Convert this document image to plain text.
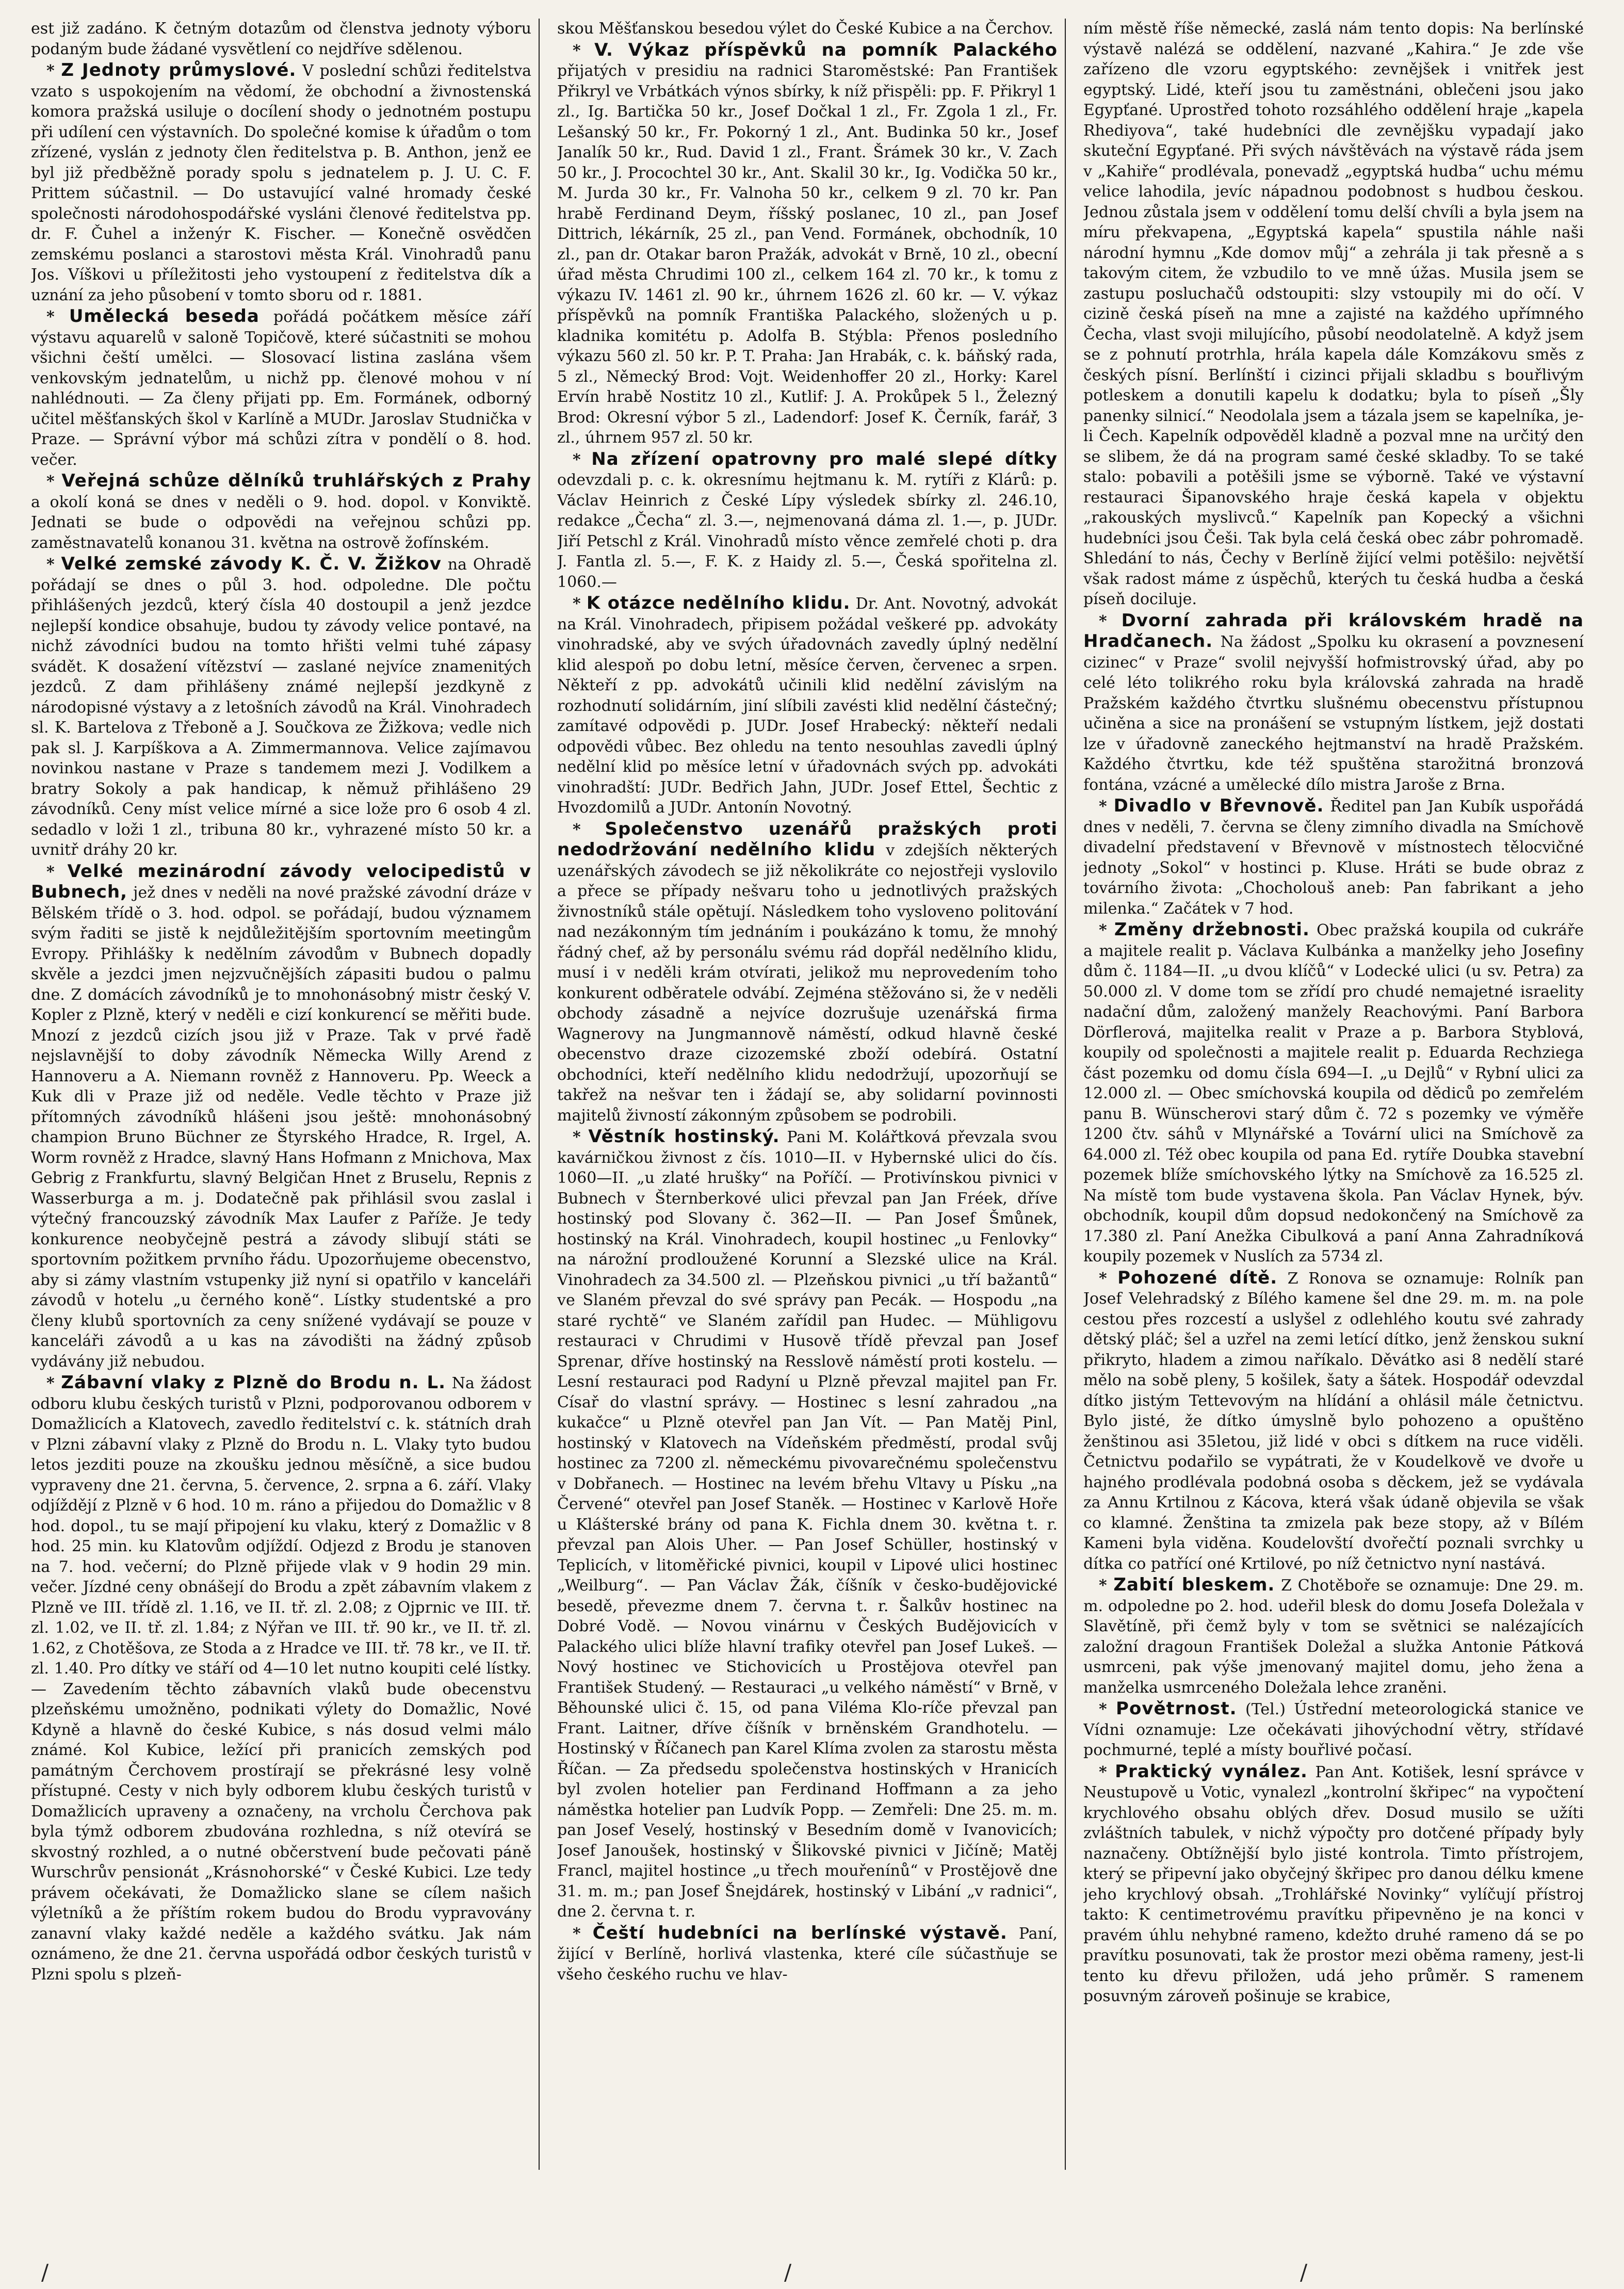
est již zadáno. K četným dotazům od členstva jednoty výboru podaným bude žádané vysvětlení co nejdříve sdělenou.

* Z Jednoty průmyslové. V poslední schůzi ředitelstva vzato s uspokojením na vědomí, že obchodní a živnostenská komora pražská usiluje o docílení shody o jednotném postupu při udílení cen výstavních. Do společné komise k úřadům o tom zřízené, vyslán z jednoty člen ředitelstva p. B. Anthon, jenž ee byl již předběžně porady spolu s jednatelem p. J. U. C. F. Prittem súčastnil. — Do ustavující valné hromady české společnosti národohospodářské vysláni členové ředitelstva pp. dr. F. Čuhel a inženýr K. Fischer. — Konečně osvědčen zemskému poslanci a starostovi města Král. Vinohradů panu Jos. Víškovi u příležitosti jeho vystoupení z ředitelstva dík a uznání za jeho působení v tomto sboru od r. 1881.

* Umělecká beseda pořádá počátkem měsíce září výstavu aquarelů v saloně Topičově, které súčastniti se mohou všichni čeští umělci. — Slosovací listina zaslána všem venkovským jednatelům, u nichž pp. členové mohou v ní nahlédnouti. — Za členy přijati pp. Em. Formánek, odborný učitel měšťanských škol v Karlíně a MUDr. Jaroslav Studnička v Praze. — Správní výbor má schůzi zítra v pondělí o 8. hod. večer.

* Veřejná schůze dělníků truhlářských z Prahy a okolí koná se dnes v neděli o 9. hod. dopol. v Konviktě. Jednati se bude o odpovědi na veřejnou schůzi pp. zaměstnavatelů konanou 31. května na ostrově žofínském.

* Velké zemské závody K. Č. V. Žižkov na Ohradě pořádají se dnes o půl 3. hod. odpoledne. Dle počtu přihlášených jezdců, který čísla 40 dostoupil a jenž jezdce nejlepší kondice obsahuje, budou ty závody velice pontavé, na nichž závodníci budou na tomto hřišti velmi tuhé zápasy svádět. K dosažení vítězství — zaslané nejvíce znamenitých jezdců. Z dam přihlášeny známé nejlepší jezdkyně z národopisné výstavy a z letošních závodů na Král. Vinohradech sl. K. Bartelova z Třeboně a J. Součkova ze Žižkova; vedle nich pak sl. J. Karpíškova a A. Zimmermannova. Velice zajímavou novinkou nastane v Praze s tandemem mezi J. Vodilkem a bratry Sokoly a pak handicap, k němuž přihlášeno 29 závodníků. Ceny míst velice mírné a sice lože pro 6 osob 4 zl. sedadlo v loži 1 zl., tribuna 80 kr., vyhrazené místo 50 kr. a uvnitř dráhy 20 kr.

* Velké mezinárodní závody velocipedistů v Bubnech, jež dnes v neděli na nové pražské závodní dráze v Bělském třídě o 3. hod. odpol. se pořádají, budou významem svým řaditi se jistě k nejdůležitějším sportovním meetingům Evropy. Přihlášky k nedělním závodům v Bubnech dopadly skvěle a jezdci jmen nejzvučnějších zápasiti budou o palmu dne. Z domácích závodníků je to mnohonásobný mistr český V. Kopler z Plzně, který v neděli e cizí konkurencí se měřiti bude. Mnozí z jezdců cizích jsou již v Praze. Tak v prvé řadě nejslavnější to doby závodník Německa Willy Arend z Hannoveru a A. Niemann rovněž z Hannoveru. Pp. Weeck a Kuk dli v Praze již od neděle. Vedle těchto v Praze již přítomných závodníků hlášeni jsou ještě: mnohonásobný champion Bruno Büchner ze Štyrského Hradce, R. Irgel, A. Worm rovněž z Hradce, slavný Hans Hofmann z Mnichova, Max Gebrig z Frankfurtu, slavný Belgičan Hnet z Bruselu, Repnis z Wasserburga a m. j. Dodatečně pak přihlásil svou zaslal i výtečný francouzský závodník Max Laufer z Paříže. Je tedy konkurence neobyčejně pestrá a závody slibují státi se sportovním požitkem prvního řádu. Upozorňujeme obecenstvo, aby si zámy vlastním vstupenky již nyní si opatřilo v kanceláři závodů v hotelu „u černého koně“. Lístky studentské a pro členy klubů sportovních za ceny snížené vydávají se pouze v kanceláři závodů a u kas na závodišti na žádný způsob vydávány již nebudou.

* Zábavní vlaky z Plzně do Brodu n. L. Na žádost odboru klubu českých turistů v Plzni, podporovanou odborem v Domažlicích a Klatovech, zavedlo ředitelství c. k. státních drah v Plzni zábavní vlaky z Plzně do Brodu n. L. Vlaky tyto budou letos jezditi pouze na zkoušku jednou měsíčně, a sice budou vypraveny dne 21. června, 5. července, 2. srpna a 6. září. Vlaky odjíždějí z Plzně v 6 hod. 10 m. ráno a přijedou do Domažlic v 8 hod. dopol., tu se mají připojení ku vlaku, který z Domažlic v 8 hod. 25 min. ku Klatovům odjíždí. Odjezd z Brodu je stanoven na 7. hod. večerní; do Plzně přijede vlak v 9 hodin 29 min. večer. Jízdné ceny obnášejí do Brodu a zpět zábavním vlakem z Plzně ve III. třídě zl. 1.16, ve II. tř. zl. 2.08; z Ojprnic ve III. tř. zl. 1.02, ve II. tř. zl. 1.84; z Nýřan ve III. tř. 90 kr., ve II. tř. zl. 1.62, z Chotěšova, ze Stoda a z Hradce ve III. tř. 78 kr., ve II. tř. zl. 1.40. Pro dítky ve stáří od 4—10 let nutno koupiti celé lístky. — Zavedením těchto zábavních vlaků bude obecenstvu plzeňskému umožněno, podnikati výlety do Domažlic, Nové Kdyně a hlavně do české Kubice, s nás dosud velmi málo známé. Kol Kubice, ležící při pranicích zemských pod památným Čerchovem prostírají se překrásné lesy volně přístupné. Cesty v nich byly odborem klubu českých turistů v Domažlicích upraveny a označeny, na vrcholu Čerchova pak byla týmž odborem zbudována rozhledna, s níž otevírá se skvostný rozhled, a o nutné občerstvení bude pečovati páně Wurschrův pensionát „Krásnohorské“ v České Kubici. Lze tedy právem očekávati, že Domažlicko slane se cílem našich výletníků a že příštím rokem budou do Brodu vypravovány zanavní vlaky každé neděle a každého svátku. Jak nám oznámeno, že dne 21. června uspořádá odbor českých turistů v Plzni spolu s plzeň-

skou Měšťanskou besedou výlet do České Kubice a na Čerchov.

* V. Výkaz příspěvků na pomník Palackého přijatých v presidiu na radnici Staroměstské: Pan František Přikryl ve Vrbátkách výnos sbírky, k níž přispěli: pp. F. Přikryl 1 zl., Ig. Bartička 50 kr., Josef Dočkal 1 zl., Fr. Zgola 1 zl., Fr. Lešanský 50 kr., Fr. Pokorný 1 zl., Ant. Budinka 50 kr., Josef Janalík 50 kr., Rud. David 1 zl., Frant. Šrámek 30 kr., V. Zach 50 kr., J. Procochtel 30 kr., Ant. Skalil 30 kr., Ig. Vodička 50 kr., M. Jurda 30 kr., Fr. Valnoha 50 kr., celkem 9 zl. 70 kr. Pan hrabě Ferdinand Deym, říšský poslanec, 10 zl., pan Josef Dittrich, lékárník, 25 zl., pan Vend. Formánek, obchodník, 10 zl., pan dr. Otakar baron Pražák, advokát v Brně, 10 zl., obecní úřad města Chrudimi 100 zl., celkem 164 zl. 70 kr., k tomu z výkazu IV. 1461 zl. 90 kr., úhrnem 1626 zl. 60 kr. — V. výkaz příspěvků na pomník Františka Palackého, složených u p. kladnika komitétu p. Adolfa B. Stýbla: Přenos posledního výkazu 560 zl. 50 kr. P. T. Praha: Jan Hrabák, c. k. báňský rada, 5 zl., Německý Brod: Vojt. Weidenhoffer 20 zl., Horky: Karel Ervín hrabě Nostitz 10 zl., Kutlif: J. A. Prokůpek 5 l., Železný Brod: Okresní výbor 5 zl., Ladendorf: Josef K. Černík, farář, 3 zl., úhrnem 957 zl. 50 kr.

* Na zřízení opatrovny pro malé slepé dítky odevzdali p. c. k. okresnímu hejtmanu k. M. rytíři z Klárů: p. Václav Heinrich z České Lípy výsledek sbírky zl. 246.10, redakce „Čecha“ zl. 3.—, nejmenovaná dáma zl. 1.—, p. JUDr. Jiří Petschl z Král. Vinohradů místo věnce zemřelé choti p. dra J. Fantla zl. 5.—, F. K. z Haidy zl. 5.—, Česká spořitelna zl. 1060.—

* K otázce nedělního klidu. Dr. Ant. Novotný, advokát na Král. Vinohradech, připisem požádal veškeré pp. advokáty vinohradské, aby ve svých úřadovnách zavedly úplný nedělní klid alespoň po dobu letní, měsíce červen, červenec a srpen. Někteří z pp. advokátů učinili klid nedělní závislým na rozhodnutí solidárním, jiní slíbili zavésti klid nedělní částečný; zamítavé odpovědi p. JUDr. Josef Hrabecký: někteří nedali odpovědi vůbec. Bez ohledu na tento nesouhlas zavedli úplný nedělní klid po měsíce letní v úřadovnách svých pp. advokáti vinohradští: JUDr. Bedřich Jahn, JUDr. Josef Ettel, Šechtic z Hvozdomilů a JUDr. Antonín Novotný.

* Společenstvo uzenářů pražských proti nedodržování nedělního klidu v zdejších některých uzenářských závodech se již několikráte co nejostřeji vyslovilo a přece se případy nešvaru toho u jednotlivých pražských živnostníků stále opětují. Následkem toho vysloveno politování nad nezákonným tím jednáním i poukázáno k tomu, že mnohý řádný chef, až by personálu svému rád dopřál nedělního klidu, musí i v neděli krám otvírati, jelikož mu neprovedením toho konkurent odběratele odvábí. Zejména stěžováno si, že v neděli obchody zásadně a nejvíce dozrušuje uzenářská firma Wagnerovy na Jungmannově náměstí, odkud hlavně české obecenstvo draze cizozemské zboží odebírá. Ostatní obchodníci, kteří nedělního klidu nedodržují, upozorňují se takřež na nešvar ten i žádají se, aby solidarní povinnosti majitelů živností zákonným způsobem se podrobili.

* Věstník hostinský. Pani M. Kolářtková převzala svou kavárničkou živnost z čís. 1010—II. v Hybernské ulici do čís. 1060—II. „u zlaté hrušky“ na Poříčí. — Protivínskou pivnici v Bubnech v Šternberkové ulici převzal pan Jan Fréek, dříve hostinský pod Slovany č. 362—II. — Pan Josef Šmůnek, hostinský na Král. Vinohradech, koupil hostinec „u Fenlovky“ na nárožní prodloužené Korunní a Slezské ulice na Král. Vinohradech za 34.500 zl. — Plzeňskou pivnici „u tří bažantů“ ve Slaném převzal do své správy pan Pecák. — Hospodu „na staré rychtě“ ve Slaném zařídil pan Hudec. — Mühligovu restauraci v Chrudimi v Husově třídě převzal pan Josef Sprenar, dříve hostinský na Resslově náměstí proti kostelu. — Lesní restauraci pod Radyní u Plzně převzal majitel pan Fr. Císař do vlastní správy. — Hostinec s lesní zahradou „na kukačce“ u Plzně otevřel pan Jan Vít. — Pan Matěj Pinl, hostinský v Klatovech na Vídeňském předměstí, prodal svůj hostinec za 7200 zl. německému pivovarečnému společenstvu v Dobřanech. — Hostinec na levém břehu Vltavy u Písku „na Červené“ otevřel pan Josef Staněk. — Hostinec v Karlově Hoře u Klášterské brány od pana K. Fichla dnem 30. května t. r. převzal pan Alois Uher. — Pan Josef Schüller, hostinský v Teplicích, v litoměřické pivnici, koupil v Lipové ulici hostinec „Weilburg“. — Pan Václav Žák, číšník v česko-budějovické besedě, převezme dnem 7. června t. r. Šalkův hostinec na Dobré Vodě. — Novou vinárnu v Českých Budějovicích v Palackého ulici blíže hlavní trafiky otevřel pan Josef Lukeš. — Nový hostinec ve Stichovicích u Prostějova otevřel pan František Studený. — Restauraci „u velkého náměstí“ v Brně, v Běhounské ulici č. 15, od pana Viléma Klo-ríče převzal pan Frant. Laitner, dříve číšník v brněnském Grandhotelu. — Hostinský v Říčanech pan Karel Klíma zvolen za starostu města Říčan. — Za předsedu společenstva hostinských v Hranicích byl zvolen hotelier pan Ferdinand Hoffmann a za jeho náměstka hotelier pan Ludvík Popp. — Zemřeli: Dne 25. m. m. pan Josef Veselý, hostinský v Besedním domě v Ivanovicích; Josef Janoušek, hostinský v Šlikovské pivnici v Jičíně; Matěj Francl, majitel hostince „u třech mouřenínů“ v Prostějově dne 31. m. m.; pan Josef Šnejdárek, hostinský v Libání „v radnici“, dne 2. června t. r.

* Čeští hudebníci na berlínské výstavě. Paní, žijící v Berlíně, horlivá vlastenka, které cíle súčastňuje se všeho českého ruchu ve hlav-

ním městě říše německé, zaslá nám tento dopis: Na berlínské výstavě nalézá se oddělení, nazvané „Kahira.“ Je zde vše zařízeno dle vzoru egyptského: zevnějšek i vnitřek jest egyptský. Lidé, kteří jsou tu zaměstnáni, oblečeni jsou jako Egypťané. Uprostřed tohoto rozsáhlého oddělení hraje „kapela Rhediyova“, také hudebníci dle zevnějšku vypadají jako skuteční Egypťané. Při svých návštěvách na výstavě ráda jsem v „Kahiře“ prodlévala, ponevadž „egyptská hudba“ uchu mému velice lahodila, jevíc nápadnou podobnost s hudbou českou. Jednou zůstala jsem v oddělení tomu delší chvíli a byla jsem na míru překvapena, „Egyptská kapela“ spustila náhle naši národní hymnu „Kde domov můj“ a zehrála ji tak přesně a s takovým citem, že vzbudilo to ve mně úžas. Musila jsem se zastupu posluchačů odstoupiti: slzy vstoupily mi do očí. V cizině česká píseň na mne a zajisté na každého upřímného Čecha, vlast svoji milujícího, působí neodolatelně. A když jsem se z pohnutí protrhla, hrála kapela dále Komzákovu směs z českých písní. Berlínští i cizinci přijali skladbu s bouřlivým potleskem a donutili kapelu k dodatku; byla to píseň „Šly panenky silnicí.“ Neodolala jsem a tázala jsem se kapelníka, je-li Čech. Kapelník odpověděl kladně a pozval mne na určitý den se slibem, že dá na program samé české skladby. To se také stalo: pobavili a potěšili jsme se výborně. Také ve výstavní restauraci Šipanovského hraje česká kapela v objektu „rakouských myslivců.“ Kapelník pan Kopecký a všichni hudebníci jsou Češi. Tak byla celá česká obec zábr pohromadě. Shledání to nás, Čechy v Berlíně žijící velmi potěšilo: největší však radost máme z úspěchů, kterých tu česká hudba a česká píseň dociluje.

* Dvorní zahrada při královském hradě na Hradčanech. Na žádost „Spolku ku okrasení a povznesení cizinec“ v Praze“ svolil nejvyšší hofmistrovský úřad, aby po celé léto tolikrého roku byla královská zahrada na hradě Pražském každého čtvrtku slušnému obecenstvu přístupnou učiněna a sice na pronášení se vstupným lístkem, jejž dostati lze v úřadovně zaneckého hejtmanství na hradě Pražském. Každého čtvrtku, kde též spuštěna starožitná bronzová fontána, vzácné a umělecké dílo mistra Jaroše z Brna.

* Divadlo v Břevnově. Ředitel pan Jan Kubík uspořádá dnes v neděli, 7. června se členy zimního divadla na Smíchově divadelní představení v Břevnově v místnostech tělocvičné jednoty „Sokol“ v hostinci p. Kluse. Hráti se bude obraz z továrního života: „Chocholouš aneb: Pan fabrikant a jeho milenka.“ Začátek v 7 hod.

* Změny držebnosti. Obec pražská koupila od cukráře a majitele realit p. Václava Kulbánka a manželky jeho Josefiny dům č. 1184—II. „u dvou klíčů“ v Lodecké ulici (u sv. Petra) za 50.000 zl. V dome tom se zřídí pro chudé nemajetné israelity nadační dům, založený manžely Reachovými. Paní Barbora Dörflerová, majitelka realit v Praze a p. Barbora Styblová, koupily od společnosti a majitele realit p. Eduarda Rechziega část pozemku od domu čísla 694—I. „u Dejlů“ v Rybní ulici za 12.000 zl. — Obec smíchovská koupila od dědiců po zemřelém panu B. Wünscherovi starý dům č. 72 s pozemky ve výměře 1200 čtv. sáhů v Mlynářské a Tovární ulici na Smíchově za 64.000 zl. Též obec koupila od pana Ed. rytíře Doubka stavební pozemek blíže smíchovského lýtky na Smíchově za 16.525 zl. Na místě tom bude vystavena škola. Pan Václav Hynek, býv. obchodník, koupil dům dopsud nedokončený na Smíchově za 17.380 zl. Paní Anežka Cibulková a paní Anna Zahradníková koupily pozemek v Nuslích za 5734 zl.

* Pohozené dítě. Z Ronova se oznamuje: Rolník pan Josef Velehradský z Bílého kamene šel dne 29. m. m. na pole cestou přes rozcestí a uslyšel z odlehlého koutu své zahrady dětský pláč; šel a uzřel na zemi letící dítko, jenž ženskou sukní přikryto, hladem a zimou naříkalo. Děvátko asi 8 nedělí staré mělo na sobě pleny, 5 košilek, šaty a šátek. Hospodář odevzdal dítko jistým Tettevovým na hlídání a ohlásil mále četnictvu. Bylo jisté, že dítko úmyslně bylo pohozeno a opuštěno ženštinou asi 35letou, již lidé v obci s dítkem na ruce viděli. Četnictvu podařilo se vypátrati, že v Koudelkově ve dvoře u hajného prodlévala podobná osoba s děckem, jež se vydávala za Annu Krtilnou z Kácova, která však údaně objevila se však co klamné. Ženština ta zmizela pak beze stopy, až v Bílém Kameni byla viděna. Koudelovští dvořečtí poznali svrchky u dítka co patřící oné Krtilové, po níž četnictvo nyní nastává.

* Zabití bleskem. Z Chotěboře se oznamuje: Dne 29. m. m. odpoledne po 2. hod. udeřil blesk do domu Josefa Doležala v Slavětíně, při čemž byly v tom se světnici se nalézajících založní dragoun František Doležal a služka Antonie Pátková usmrceni, pak výše jmenovaný majitel domu, jeho žena a manželka usmrceného Doležala lehce zraněni.

* Povětrnost. (Tel.) Ústřední meteorologická stanice ve Vídni oznamuje: Lze očekávati jihovýchodní větry, střídavé pochmurné, teplé a místy bouřlivé počasí.

* Praktický vynález. Pan Ant. Kotišek, lesní správce v Neustupově u Votic, vynalezl „kontrolní škřipec“ na vypočtení krychlového obsahu oblých dřev. Dosud musilo se užíti zvláštních tabulek, v nichž výpočty pro dotčené případy byly naznačeny. Obtížnější bylo jisté kontrola. Timto přístrojem, který se připevní jako obyčejný škřipec pro danou délku kmene jeho krychlový obsah. „Trohlářské Novinky“ vylíčují přístroj takto: K centimetrovému pravítku připevněno je na konci v pravém úhlu nehybné rameno, kdežto druhé rameno dá se po pravítku posunovati, tak že prostor mezi oběma rameny, jest-li tento ku dřevu přiložen, udá jeho průměr. S ramenem posuvným zároveň pošinuje se krabice,

/	/	/
